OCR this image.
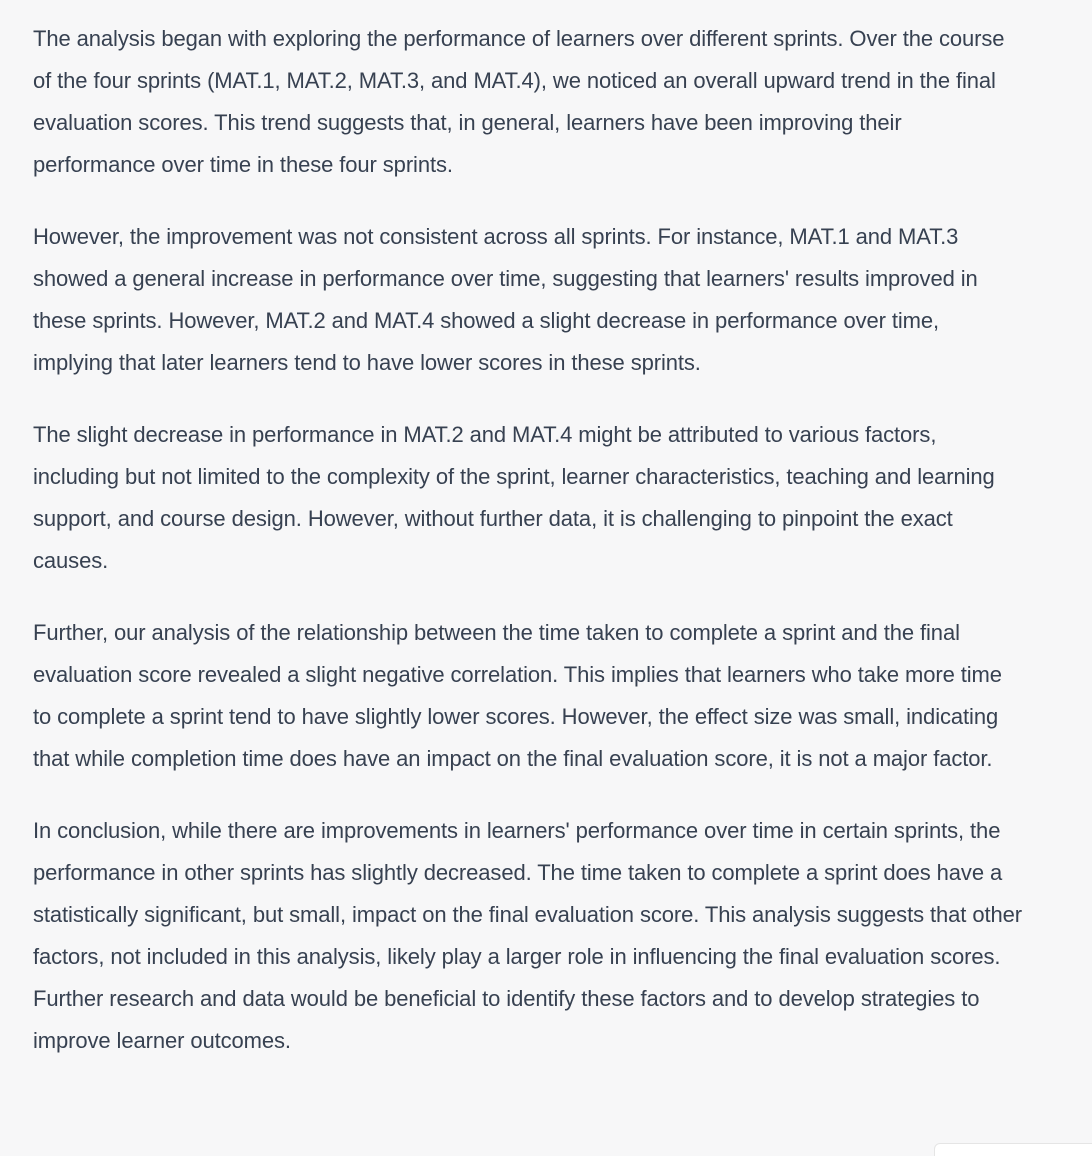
The analysis began with exploring the performance of learners over different sprints. Over the course of the four sprints (MAT.1, MAT.2, MAT.3, and MAT.4), we noticed an overall upward trend in the final evaluation scores. This trend suggests that, in general, learners have been improving their performance over time in these four sprints.

However, the improvement was not consistent across all sprints. For instance, MAT.1 and MAT.3 showed a general increase in performance over time, suggesting that learners' results improved in these sprints. However, MAT.2 and MAT.4 showed a slight decrease in performance over time, implying that later learners tend to have lower scores in these sprints.

The slight decrease in performance in MAT.2 and MAT.4 might be attributed to various factors, including but not limited to the complexity of the sprint, learner characteristics, teaching and learning support, and course design. However, without further data, it is challenging to pinpoint the exact causes.

Further, our analysis of the relationship between the time taken to complete a sprint and the final evaluation score revealed a slight negative correlation. This implies that learners who take more time to complete a sprint tend to have slightly lower scores. However, the effect size was small, indicating that while completion time does have an impact on the final evaluation score, it is not a major factor.

In conclusion, while there are improvements in learners' performance over time in certain sprints, the performance in other sprints has slightly decreased. The time taken to complete a sprint does have a statistically significant, but small, impact on the final evaluation score. This analysis suggests that other factors, not included in this analysis, likely play a larger role in influencing the final evaluation scores. Further research and data would be beneficial to identify these factors and to develop strategies to improve learner outcomes.
